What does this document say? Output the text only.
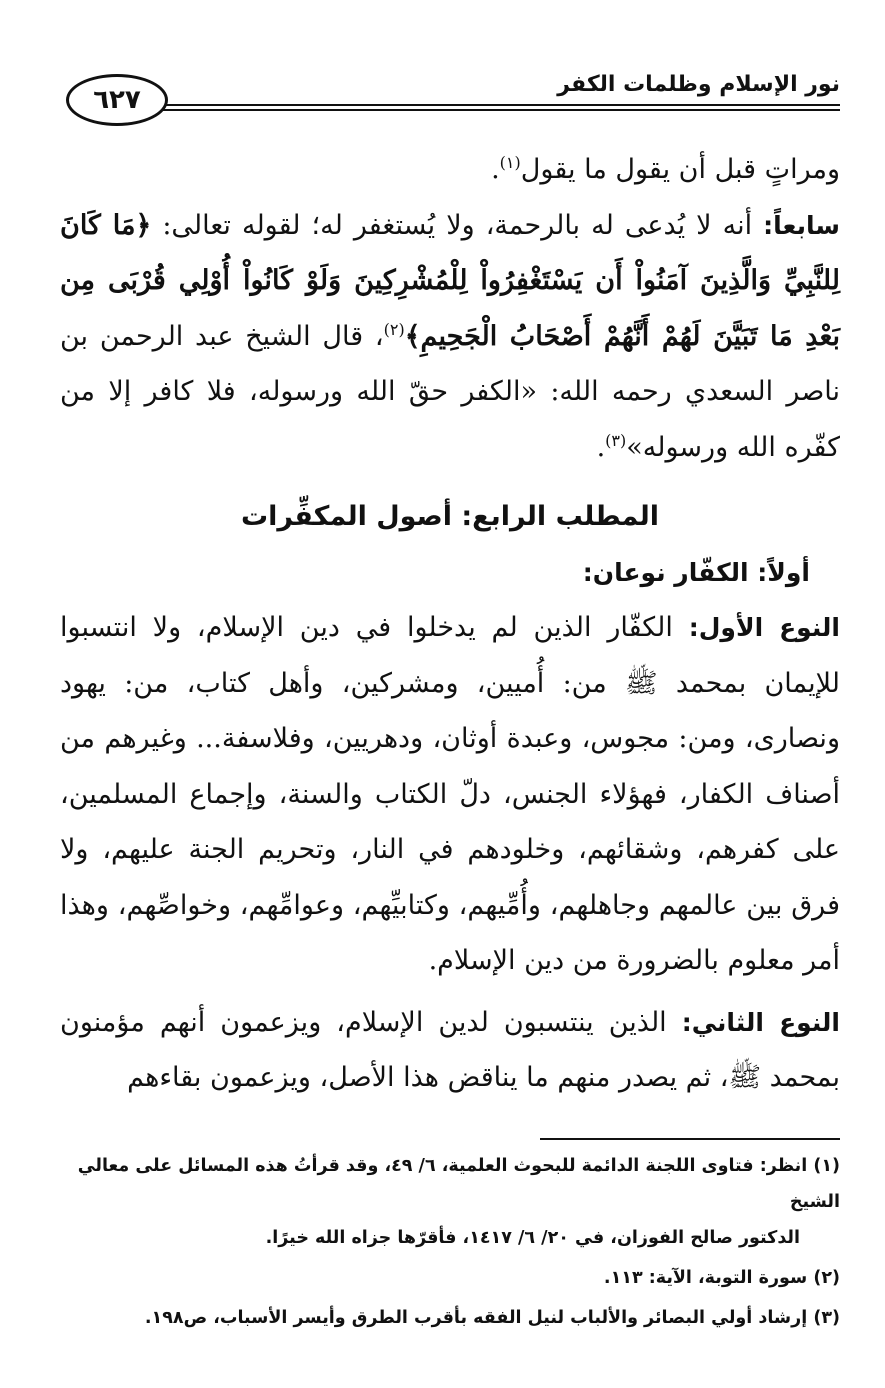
نور الإسلام وظلمات الكفر
٦٢٧

ومراتٍ قبل أن يقول ما يقول$^{(١)}$.

سابعاً: أنه لا يُدعى له بالرحمة، ولا يُستغفر له؛ لقوله تعالى: ﴿مَا كَانَ لِلنَّبِيِّ وَالَّذِينَ آمَنُواْ أَن يَسْتَغْفِرُواْ لِلْمُشْرِكِينَ وَلَوْ كَانُواْ أُوْلِي قُرْبَى مِن بَعْدِ مَا تَبَيَّنَ لَهُمْ أَنَّهُمْ أَصْحَابُ الْجَحِيمِ﴾$^{(٢)}$، قال الشيخ عبد الرحمن بن ناصر السعدي رحمه الله: «الكفر حقّ الله ورسوله، فلا كافر إلا من كفّره الله ورسوله»$^{(٣)}$.

المطلب الرابع: أصول المكفِّرات
أولاً: الكفّار نوعان:

النوع الأول: الكفّار الذين لم يدخلوا في دين الإسلام، ولا انتسبوا للإيمان بمحمد ﷺ من: أُميين، ومشركين، وأهل كتاب، من: يهود ونصارى، ومن: مجوس، وعبدة أوثان، ودهريين، وفلاسفة... وغيرهم من أصناف الكفار، فهؤلاء الجنس، دلّ الكتاب والسنة، وإجماع المسلمين، على كفرهم، وشقائهم، وخلودهم في النار، وتحريم الجنة عليهم، ولا فرق بين عالمهم وجاهلهم، وأُمِّيهم، وكتابيِّهم، وعوامِّهم، وخواصِّهم، وهذا أمر معلوم بالضرورة من دين الإسلام.

النوع الثاني: الذين ينتسبون لدين الإسلام، ويزعمون أنهم مؤمنون بمحمد ﷺ، ثم يصدر منهم ما يناقض هذا الأصل، ويزعمون بقاءهم

(١) انظر: فتاوى اللجنة الدائمة للبحوث العلمية، ٦/ ٤٩، وقد قرأتُ هذه المسائل على معالي الشيخ
الدكتور صالح الفوزان، في ٢٠/ ٦/ ١٤١٧، فأقرّها جزاه الله خيرًا.
(٢) سورة التوبة، الآية: ١١٣.
(٣) إرشاد أولي البصائر والألباب لنيل الفقه بأقرب الطرق وأيسر الأسباب، ص١٩٨.
